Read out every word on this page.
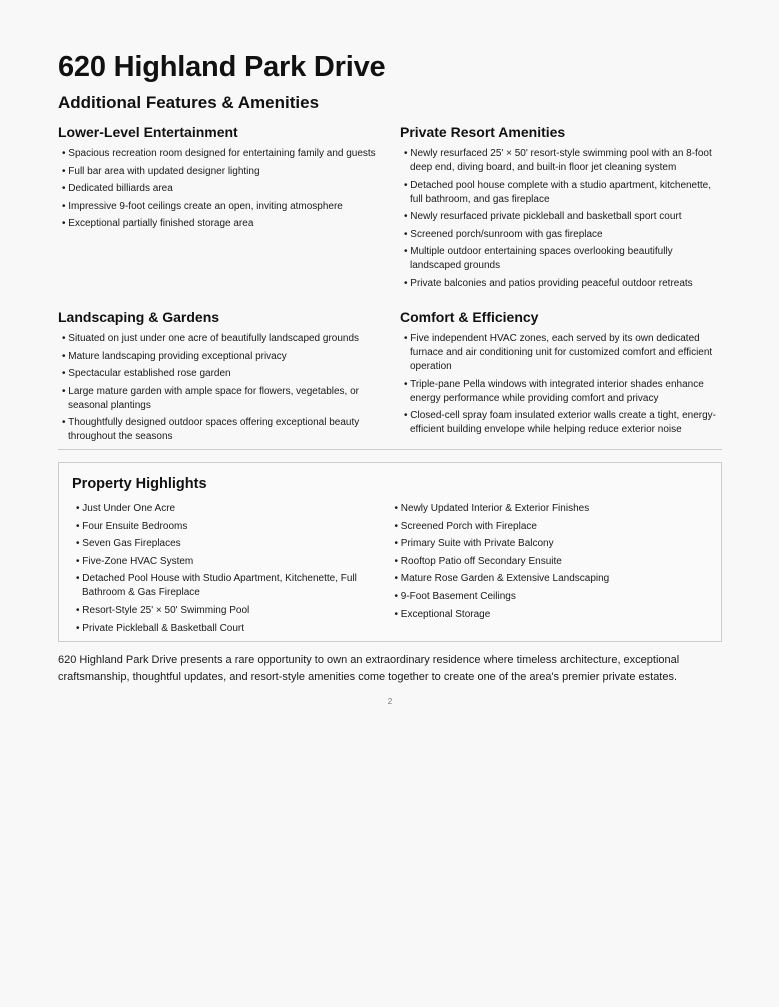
620 Highland Park Drive
Additional Features & Amenities
Lower-Level Entertainment
• Spacious recreation room designed for entertaining family and guests
• Full bar area with updated designer lighting
• Dedicated billiards area
• Impressive 9-foot ceilings create an open, inviting atmosphere
• Exceptional partially finished storage area
Private Resort Amenities
• Newly resurfaced 25' × 50' resort-style swimming pool with an 8-foot deep end, diving board, and built-in floor jet cleaning system
• Detached pool house complete with a studio apartment, kitchenette, full bathroom, and gas fireplace
• Newly resurfaced private pickleball and basketball sport court
• Screened porch/sunroom with gas fireplace
• Multiple outdoor entertaining spaces overlooking beautifully landscaped grounds
• Private balconies and patios providing peaceful outdoor retreats
Landscaping & Gardens
• Situated on just under one acre of beautifully landscaped grounds
• Mature landscaping providing exceptional privacy
• Spectacular established rose garden
• Large mature garden with ample space for flowers, vegetables, or seasonal plantings
• Thoughtfully designed outdoor spaces offering exceptional beauty throughout the seasons
Comfort & Efficiency
• Five independent HVAC zones, each served by its own dedicated furnace and air conditioning unit for customized comfort and efficient operation
• Triple-pane Pella windows with integrated interior shades enhance energy performance while providing comfort and privacy
• Closed-cell spray foam insulated exterior walls create a tight, energy-efficient building envelope while helping reduce exterior noise
Property Highlights
• Just Under One Acre
• Four Ensuite Bedrooms
• Seven Gas Fireplaces
• Five-Zone HVAC System
• Detached Pool House with Studio Apartment, Kitchenette, Full Bathroom & Gas Fireplace
• Resort-Style 25' × 50' Swimming Pool
• Private Pickleball & Basketball Court
• Newly Updated Interior & Exterior Finishes
• Screened Porch with Fireplace
• Primary Suite with Private Balcony
• Rooftop Patio off Secondary Ensuite
• Mature Rose Garden & Extensive Landscaping
• 9-Foot Basement Ceilings
• Exceptional Storage

620 Highland Park Drive presents a rare opportunity to own an extraordinary residence where timeless architecture, exceptional craftsmanship, thoughtful updates, and resort-style amenities come together to create one of the area's premier private estates.

2
